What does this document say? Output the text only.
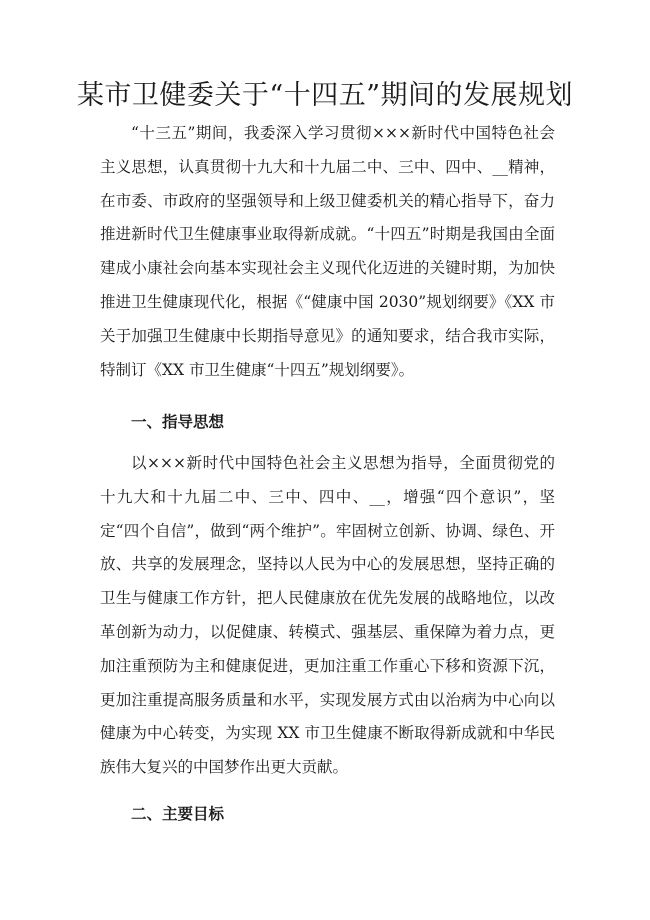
某市卫健委关于“十四五”期间的发展规划

“十三五”期间，我委深入学习贯彻×××新时代中国特色社会主义思想，认真贯彻十九大和十九届二中、三中、四中、__精神，在市委、市政府的坚强领导和上级卫健委机关的精心指导下，奋力推进新时代卫生健康事业取得新成就。“十四五”时期是我国由全面建成小康社会向基本实现社会主义现代化迈进的关键时期，为加快推进卫生健康现代化，根据《“健康中国 2030”规划纲要》《XX 市关于加强卫生健康中长期指导意见》的通知要求，结合我市实际，特制订《XX 市卫生健康“十四五”规划纲要》。

一、指导思想

以×××新时代中国特色社会主义思想为指导，全面贯彻党的十九大和十九届二中、三中、四中、__，增强“四个意识”，坚定“四个自信”，做到“两个维护”。牢固树立创新、协调、绿色、开放、共享的发展理念，坚持以人民为中心的发展思想，坚持正确的卫生与健康工作方针，把人民健康放在优先发展的战略地位，以改革创新为动力，以促健康、转模式、强基层、重保障为着力点，更加注重预防为主和健康促进，更加注重工作重心下移和资源下沉，更加注重提高服务质量和水平，实现发展方式由以治病为中心向以健康为中心转变，为实现 XX 市卫生健康不断取得新成就和中华民族伟大复兴的中国梦作出更大贡献。

二、主要目标
